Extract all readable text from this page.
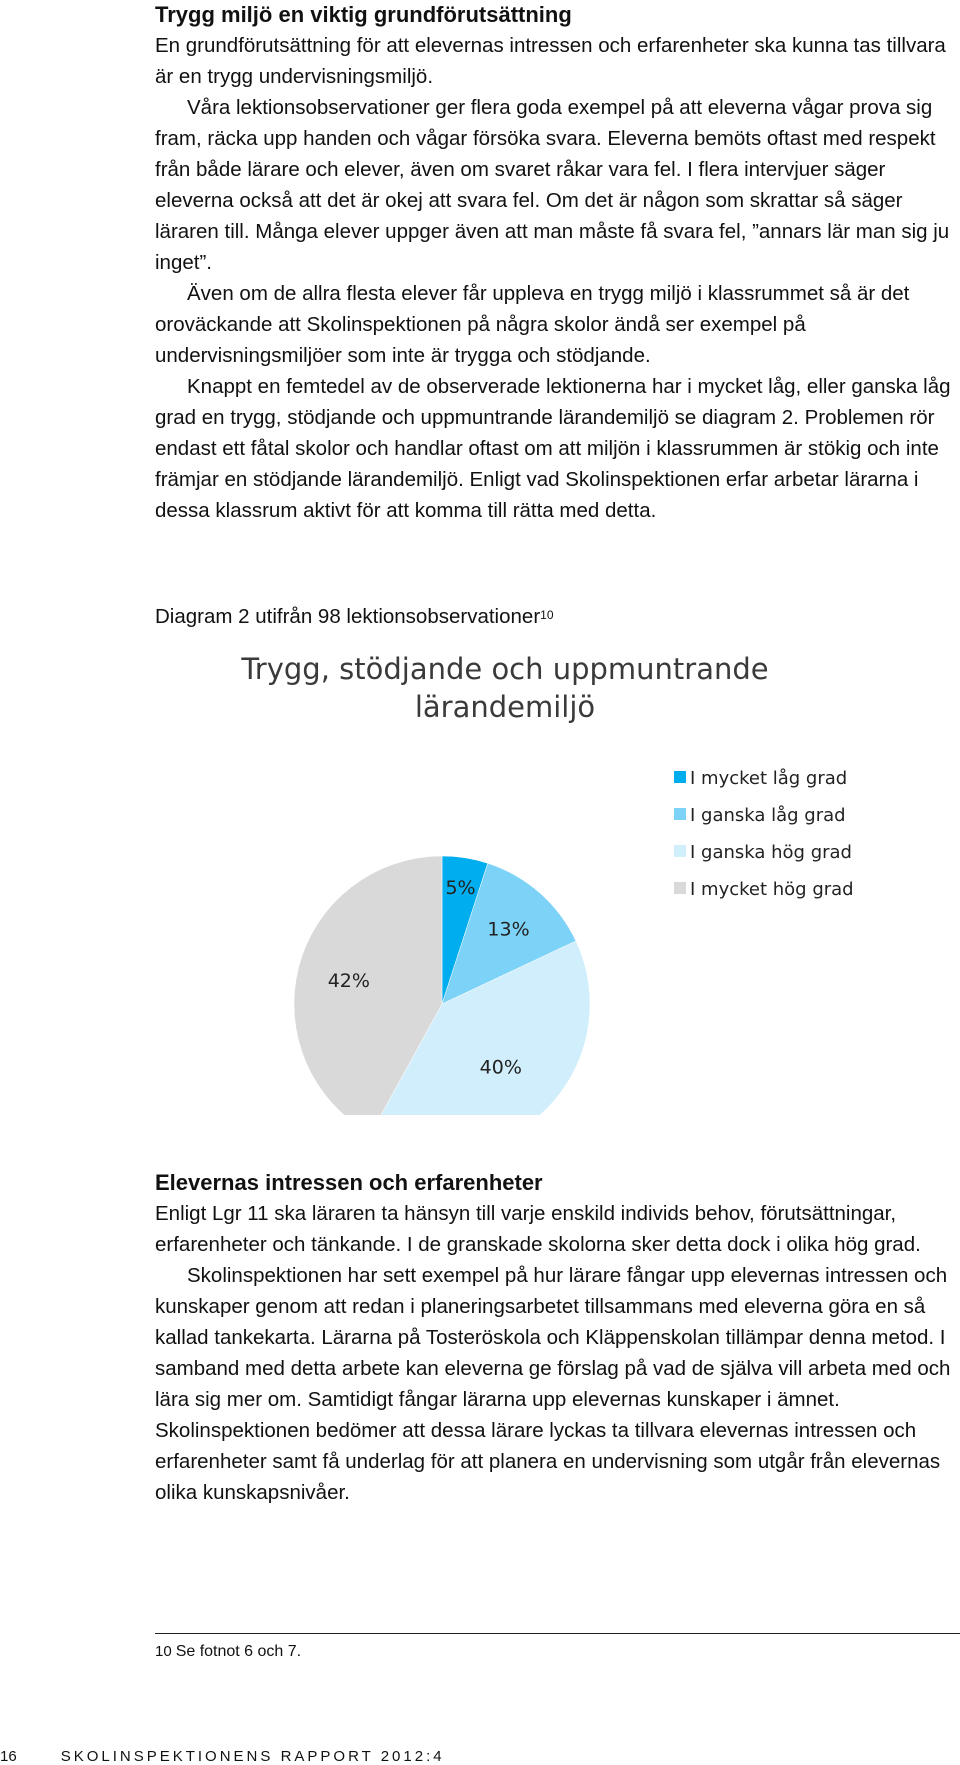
Trygg miljö en viktig grundförutsättning

En grundförutsättning för att elevernas intressen och erfarenheter ska kunna tas tillvara är en trygg undervisningsmiljö.

Våra lektionsobservationer ger flera goda exempel på att eleverna vågar prova sig fram, räcka upp handen och vågar försöka svara. Eleverna bemöts oftast med respekt från både lärare och elever, även om svaret råkar vara fel. I flera intervjuer säger eleverna också att det är okej att svara fel. Om det är någon som skrattar så säger läraren till. Många elever uppger även att man måste få svara fel, ”annars lär man sig ju inget”.

Även om de allra flesta elever får uppleva en trygg miljö i klassrummet så är det oroväckande att Skolinspektionen på några skolor ändå ser exempel på undervisningsmiljöer som inte är trygga och stödjande.

Knappt en femtedel av de observerade lektionerna har i mycket låg, eller ganska låg grad en trygg, stödjande och uppmuntrande lärandemiljö se diagram 2. Problemen rör endast ett fåtal skolor och handlar oftast om att miljön i klassrummen är stökig och inte främjar en stödjande lärandemiljö. Enligt vad Skolinspektionen erfar arbetar lärarna i dessa klassrum aktivt för att komma till rätta med detta.

Diagram 2 utifrån 98 lektionsobservationer$^{10}$
Trygg, stödjande och uppmuntrande
lärandemiljö
5%
13%
40%
42%
I mycket låg grad
I ganska låg grad
I ganska hög grad
I mycket hög grad
Elevernas intressen och erfarenheter

Enligt Lgr 11 ska läraren ta hänsyn till varje enskild individs behov, förutsättningar, erfarenheter och tänkande. I de granskade skolorna sker detta dock i olika hög grad.

Skolinspektionen har sett exempel på hur lärare fångar upp elevernas intressen och kunskaper genom att redan i planeringsarbetet tillsammans med eleverna göra en så kallad tankekarta. Lärarna på Tosteröskola och Kläppenskolan tillämpar denna metod. I samband med detta arbete kan eleverna ge förslag på vad de själva vill arbeta med och lära sig mer om. Samtidigt fångar lärarna upp elevernas kunskaper i ämnet. Skolinspektionen bedömer att dessa lärare lyckas ta tillvara elevernas intressen och erfarenheter samt få underlag för att planera en undervisning som utgår från elevernas olika kunskapsnivåer.

10 Se fotnot 6 och 7.
16	SKOLINSPEKTIONENS RAPPORT 2012:4
